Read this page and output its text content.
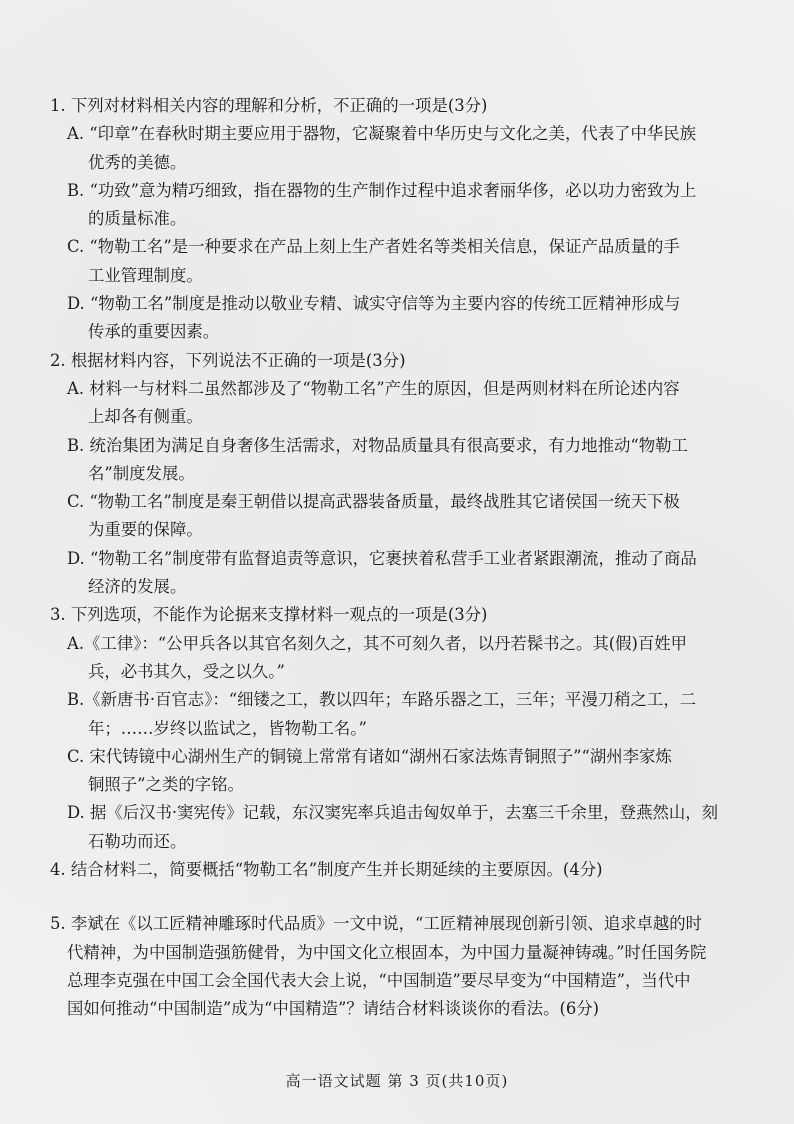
1. 下列对材料相关内容的理解和分析，不正确的一项是(3分)
A. “印章”在春秋时期主要应用于器物，它凝聚着中华历史与文化之美，代表了中华民族
优秀的美德。
B. “功致”意为精巧细致，指在器物的生产制作过程中追求奢丽华侈，必以功力密致为上
的质量标准。
C. “物勒工名”是一种要求在产品上刻上生产者姓名等类相关信息，保证产品质量的手
工业管理制度。
D. “物勒工名”制度是推动以敬业专精、诚实守信等为主要内容的传统工匠精神形成与
传承的重要因素。
2. 根据材料内容，下列说法不正确的一项是(3分)
A. 材料一与材料二虽然都涉及了“物勒工名”产生的原因，但是两则材料在所论述内容
上却各有侧重。
B. 统治集团为满足自身奢侈生活需求，对物品质量具有很高要求，有力地推动“物勒工
名”制度发展。
C. “物勒工名”制度是秦王朝借以提高武器装备质量，最终战胜其它诸侯国一统天下极
为重要的保障。
D. “物勒工名”制度带有监督追责等意识，它裹挟着私营手工业者紧跟潮流，推动了商品
经济的发展。
3. 下列选项，不能作为论据来支撑材料一观点的一项是(3分)
A.《工律》：“公甲兵各以其官名刻久之，其不可刻久者，以丹若髹书之。其(假)百姓甲
兵，必书其久，受之以久。”
B.《新唐书·百官志》：“细镂之工，教以四年；车路乐器之工，三年；平漫刀稍之工，二
年；……岁终以监试之，皆物勒工名。”
C. 宋代铸镜中心湖州生产的铜镜上常常有诸如“湖州石家法炼青铜照子”“湖州李家炼
铜照子”之类的字铭。
D. 据《后汉书·窦宪传》记载，东汉窦宪率兵追击匈奴单于，去塞三千余里，登燕然山，刻
石勒功而还。
4. 结合材料二，简要概括“物勒工名”制度产生并长期延续的主要原因。(4分)
5. 李斌在《以工匠精神雕琢时代品质》一文中说，“工匠精神展现创新引领、追求卓越的时
代精神，为中国制造强筋健骨，为中国文化立根固本，为中国力量凝神铸魂。”时任国务院
总理李克强在中国工会全国代表大会上说，“中国制造”要尽早变为“中国精造”，当代中
国如何推动“中国制造”成为“中国精造”？请结合材料谈谈你的看法。(6分)
高一语文试题 第 3 页(共10页)
